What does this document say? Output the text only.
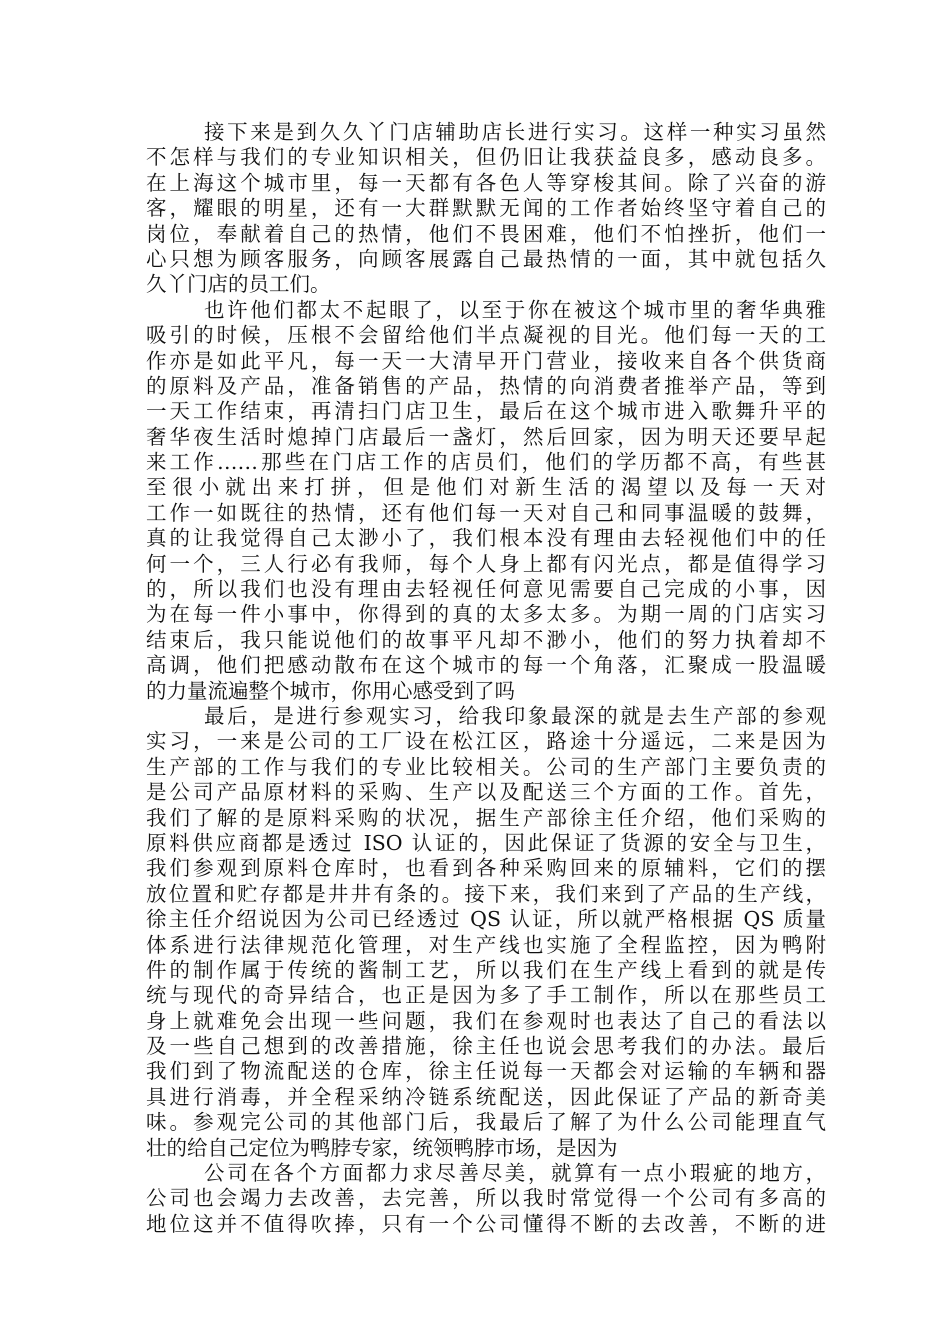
接下来是到久久丫门店辅助店长进行实习。这样一种实习虽然
不怎样与我们的专业知识相关，但仍旧让我获益良多，感动良多。
在上海这个城市里，每一天都有各色人等穿梭其间。除了兴奋的游
客，耀眼的明星，还有一大群默默无闻的工作者始终坚守着自己的
岗位，奉献着自己的热情，他们不畏困难，他们不怕挫折，他们一
心只想为顾客服务，向顾客展露自己最热情的一面，其中就包括久
久丫门店的员工们。
也许他们都太不起眼了，以至于你在被这个城市里的奢华典雅
吸引的时候，压根不会留给他们半点凝视的目光。他们每一天的工
作亦是如此平凡，每一天一大清早开门营业，接收来自各个供货商
的原料及产品，准备销售的产品，热情的向消费者推举产品，等到
一天工作结束，再清扫门店卫生，最后在这个城市进入歌舞升平的
奢华夜生活时熄掉门店最后一盏灯，然后回家，因为明天还要早起
来工作……那些在门店工作的店员们，他们的学历都不高，有些甚
至很小就出来打拼，但是他们对新生活的渴望以及每一天对
工作一如既往的热情，还有他们每一天对自己和同事温暖的鼓舞，
真的让我觉得自己太渺小了，我们根本没有理由去轻视他们中的任
何一个，三人行必有我师，每个人身上都有闪光点，都是值得学习
的，所以我们也没有理由去轻视任何意见需要自己完成的小事，因
为在每一件小事中，你得到的真的太多太多。为期一周的门店实习
结束后，我只能说他们的故事平凡却不渺小，他们的努力执着却不
高调，他们把感动散布在这个城市的每一个角落，汇聚成一股温暖
的力量流遍整个城市，你用心感受到了吗
最后，是进行参观实习，给我印象最深的就是去生产部的参观
实习，一来是公司的工厂设在松江区，路途十分遥远，二来是因为
生产部的工作与我们的专业比较相关。公司的生产部门主要负责的
是公司产品原材料的采购、生产以及配送三个方面的工作。首先，
我们了解的是原料采购的状况，据生产部徐主任介绍，他们采购的
原料供应商都是透过 ISO 认证的，因此保证了货源的安全与卫生，
我们参观到原料仓库时，也看到各种采购回来的原辅料，它们的摆
放位置和贮存都是井井有条的。接下来，我们来到了产品的生产线，
徐主任介绍说因为公司已经透过 QS 认证，所以就严格根据 QS 质量
体系进行法律规范化管理，对生产线也实施了全程监控，因为鸭附
件的制作属于传统的酱制工艺，所以我们在生产线上看到的就是传
统与现代的奇异结合，也正是因为多了手工制作，所以在那些员工
身上就难免会出现一些问题，我们在参观时也表达了自己的看法以
及一些自己想到的改善措施，徐主任也说会思考我们的办法。最后
我们到了物流配送的仓库，徐主任说每一天都会对运输的车辆和器
具进行消毒，并全程采纳冷链系统配送，因此保证了产品的新奇美
味。参观完公司的其他部门后，我最后了解了为什么公司能理直气
壮的给自己定位为鸭脖专家，统领鸭脖市场，是因为
公司在各个方面都力求尽善尽美，就算有一点小瑕疵的地方，
公司也会竭力去改善，去完善，所以我时常觉得一个公司有多高的
地位这并不值得吹捧，只有一个公司懂得不断的去改善，不断的进
